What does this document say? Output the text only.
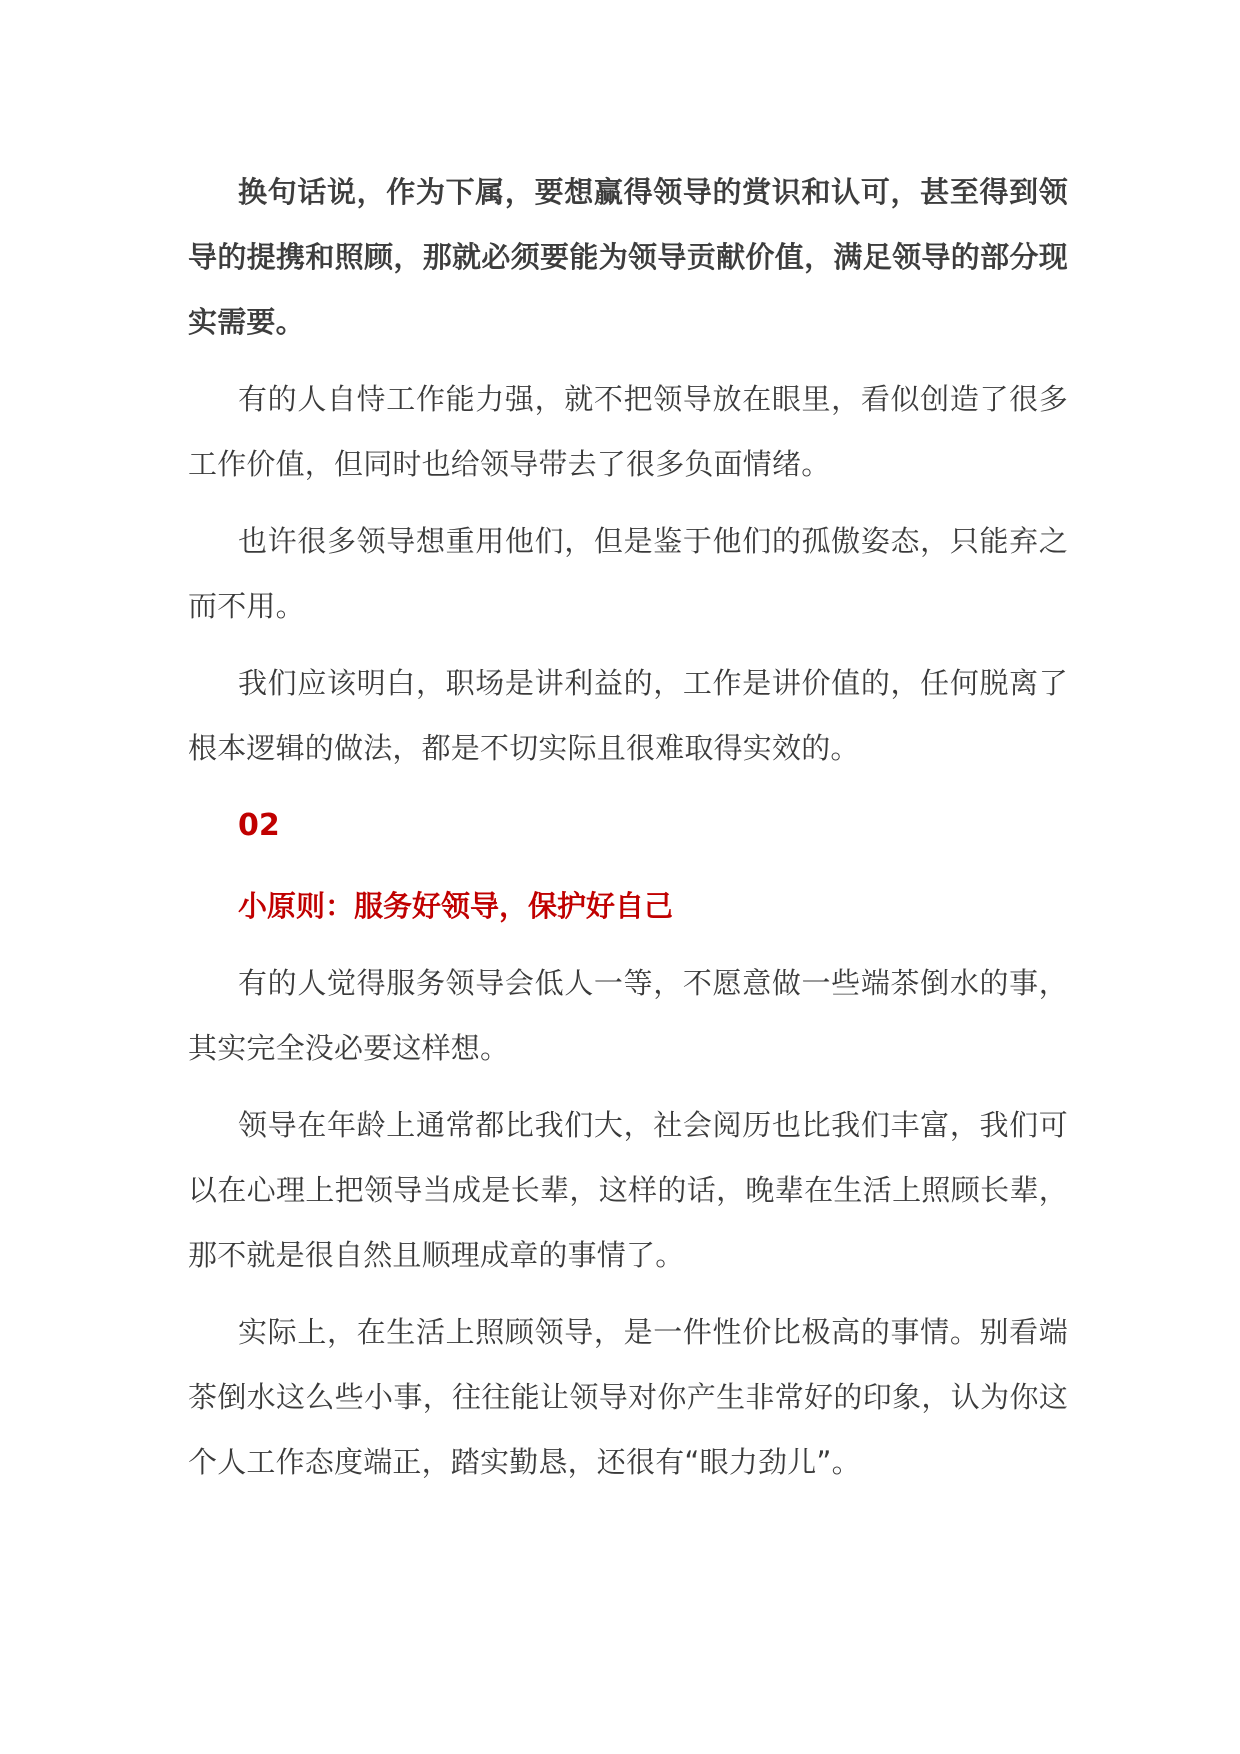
换句话说，作为下属，要想赢得领导的赏识和认可，甚至得到领导的提携和照顾，那就必须要能为领导贡献价值，满足领导的部分现实需要。

有的人自恃工作能力强，就不把领导放在眼里，看似创造了很多工作价值，但同时也给领导带去了很多负面情绪。

也许很多领导想重用他们，但是鉴于他们的孤傲姿态，只能弃之而不用。

我们应该明白，职场是讲利益的，工作是讲价值的，任何脱离了根本逻辑的做法，都是不切实际且很难取得实效的。

02
小原则：服务好领导，保护好自己

有的人觉得服务领导会低人一等，不愿意做一些端茶倒水的事，其实完全没必要这样想。

领导在年龄上通常都比我们大，社会阅历也比我们丰富，我们可以在心理上把领导当成是长辈，这样的话，晚辈在生活上照顾长辈，那不就是很自然且顺理成章的事情了。

实际上，在生活上照顾领导，是一件性价比极高的事情。别看端茶倒水这么些小事，往往能让领导对你产生非常好的印象，认为你这个人工作态度端正，踏实勤恳，还很有“眼力劲儿”。
